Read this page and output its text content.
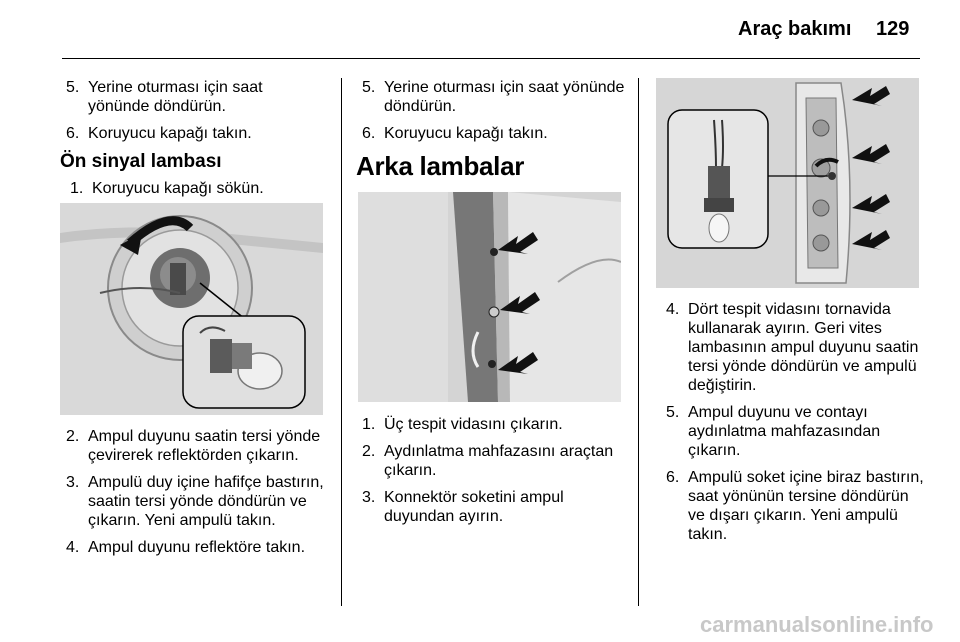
Araç bakımı 129
5. Yerine oturması için saat yönünde döndürün.
6. Koruyucu kapağı takın.
Ön sinyal lambası
1. Koruyucu kapağı sökün.
2. Ampul duyunu saatin tersi yönde çevirerek reflektörden çıkarın.
3. Ampulü duy içine hafifçe bastırın, saatin tersi yönde döndürün ve çıkarın. Yeni ampulü takın.
4. Ampul duyunu reflektöre takın.
5. Yerine oturması için saat yönünde döndürün.
6. Koruyucu kapağı takın.
Arka lambalar
1. Üç tespit vidasını çıkarın.
2. Aydınlatma mahfazasını araçtan çıkarın.
3. Konnektör soketini ampul duyundan ayırın.
4. Dört tespit vidasını tornavida kullanarak ayırın. Geri vites lambasının ampul duyunu saatin tersi yönde döndürün ve ampulü değiştirin.
5. Ampul duyunu ve contayı aydınlatma mahfazasından çıkarın.
6. Ampulü soket içine biraz bastırın, saat yönünün tersine döndürün ve dışarı çıkarın. Yeni ampulü takın.
carmanualsonline.info
